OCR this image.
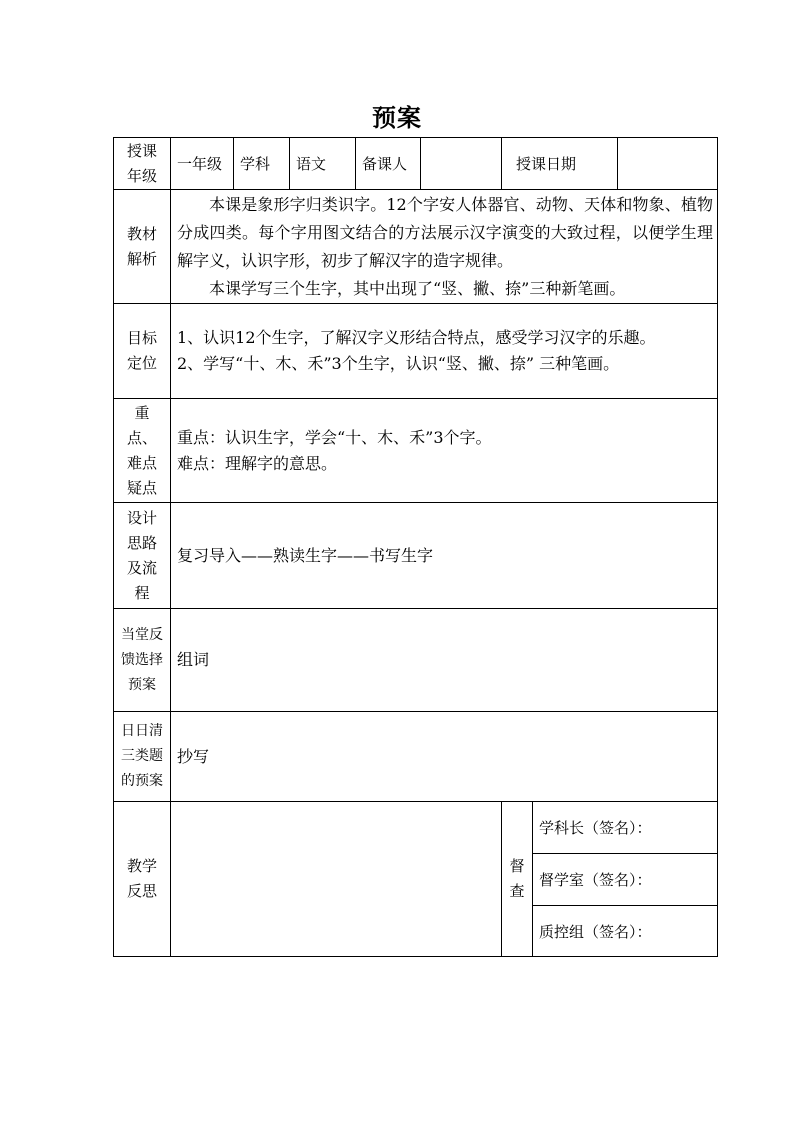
预案
授课年级	一年级	学科	语文	备课人		授课日期		

教材解析	本课是象形字归类识字。12个字安人体器官、动物、天体和物象、植物分成四类。每个字用图文结合的方法展示汉字演变的大致过程，以便学生理解字义，认识字形，初步了解汉字的造字规律。

本课学写三个生字，其中出现了“竖、撇、捺”三种新笔画。							

目标定位	1、认识12个生字，了解汉字义形结合特点，感受学习汉字的乐趣。
2、学写“十、木、禾”3个生字，认识“竖、撇、捺” 三种笔画。							

重点、难点疑点	重点：认识生字，学会“十、木、禾”3个字。
难点：理解字的意思。							

设计思路及流程	复习导入——熟读生字——书写生字							

当堂反馈选择预案	组词							

日日清三类题的预案	抄写							

教学反思						督查	学科长（签名）：	
							督学室（签名）：	
							质控组（签名）：	
